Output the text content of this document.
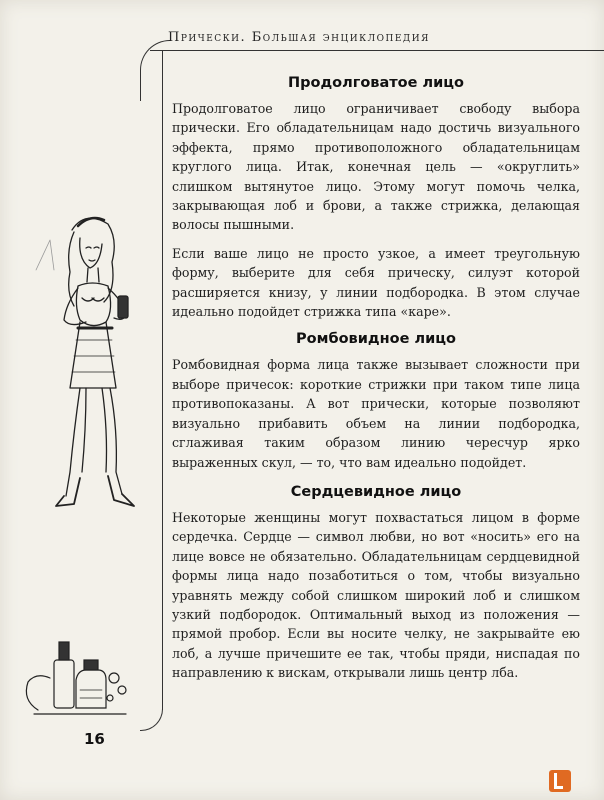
Прически. Большая энциклопедия
Продолговатое лицо

Продолговатое лицо ограничивает свободу выбора прически. Его обладательницам надо достичь визуального эффекта, прямо противоположного обладательницам круглого лица. Итак, конечная цель — «округлить» слишком вытянутое лицо. Этому могут помочь челка, закрывающая лоб и брови, а также стрижка, делающая волосы пышными.

Если ваше лицо не просто узкое, а имеет треугольную форму, выберите для себя прическу, силуэт которой расширяется книзу, у линии подбородка. В этом случае идеально подойдет стрижка типа «каре».

Ромбовидное лицо

Ромбовидная форма лица также вызывает сложности при выборе причесок: короткие стрижки при таком типе лица противопоказаны. А вот прически, которые позволяют визуально прибавить объем на линии подбородка, сглаживая таким образом линию чересчур ярко выраженных скул, — то, что вам идеально подойдет.

Сердцевидное лицо

Некоторые женщины могут похвастаться лицом в форме сердечка. Сердце — символ любви, но вот «носить» его на лице вовсе не обязательно. Обладательницам сердцевидной формы лица надо позаботиться о том, чтобы визуально уравнять между собой слишком широкий лоб и слишком узкий подбородок. Оптимальный выход из положения — прямой пробор. Если вы носите челку, не закрывайте ею лоб, а лучше причешите ее так, чтобы пряди, ниспадая по направлению к вискам, открывали лишь центр лба.

16
